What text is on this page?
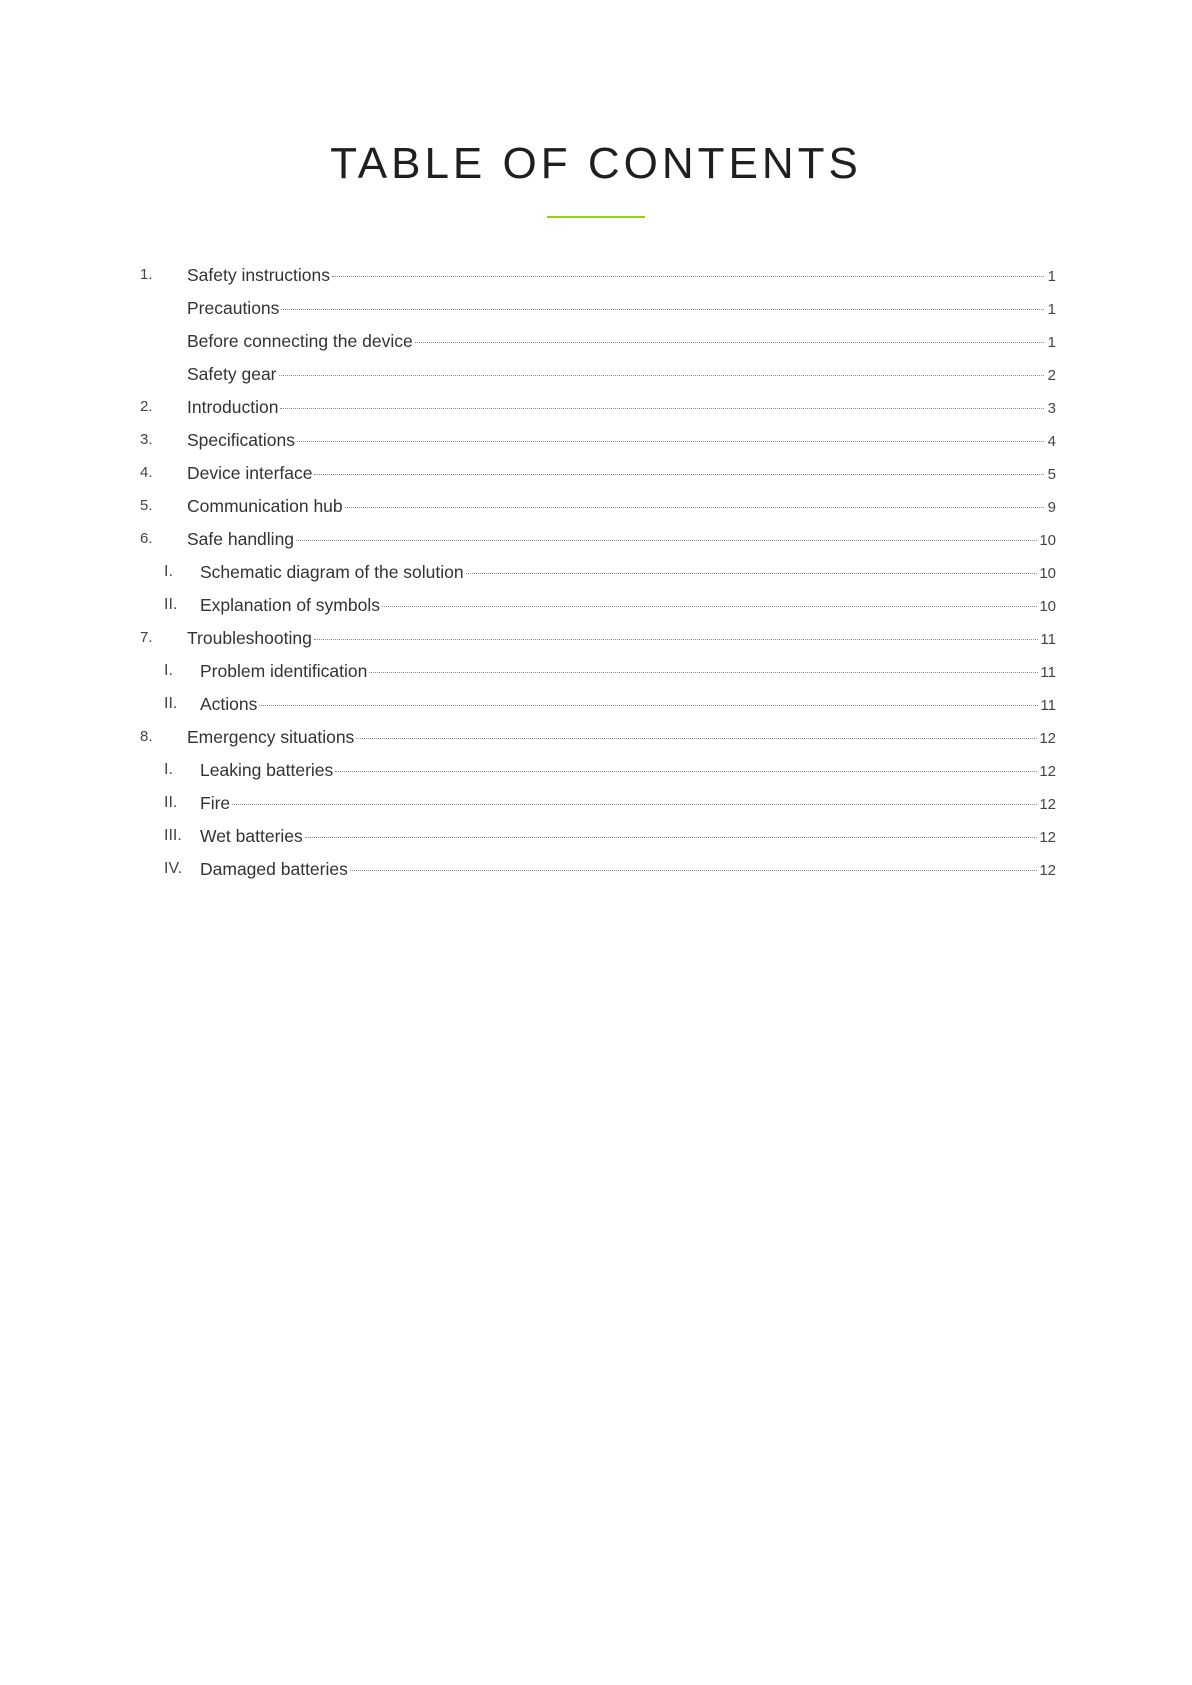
TABLE OF CONTENTS
1. Safety instructions	1
Precautions	1
Before connecting the device	1
Safety gear	2
2. Introduction	3
3. Specifications	4
4. Device interface	5
5. Communication hub	9
6. Safe handling	10
I. Schematic diagram of the solution	10
II. Explanation of symbols	10
7. Troubleshooting	11
I. Problem identification	11
II. Actions	11
8. Emergency situations	12
I. Leaking batteries	12
II. Fire	12
III. Wet batteries	12
IV. Damaged batteries	12
